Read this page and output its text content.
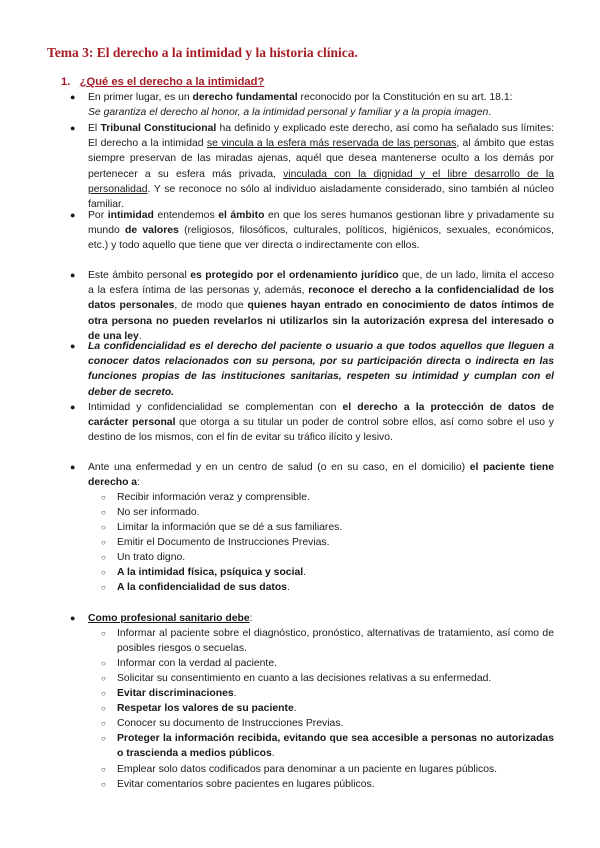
Tema 3: El derecho a la intimidad y la historia clínica.
1. ¿Qué es el derecho a la intimidad?
● En primer lugar, es un derecho fundamental reconocido por la Constitución en su art. 18.1:
Se garantiza el derecho al honor, a la intimidad personal y familiar y a la propia imagen.
● El Tribunal Constitucional ha definido y explicado este derecho, así como ha señalado sus límites: El derecho a la intimidad se vincula a la esfera más reservada de las personas, al ámbito que estas siempre preservan de las miradas ajenas, aquél que desea mantenerse oculto a los demás por pertenecer a su esfera más privada, vinculada con la dignidad y el libre desarrollo de la personalidad. Y se reconoce no sólo al individuo aisladamente considerado, sino también al núcleo familiar.
● Por intimidad entendemos el ámbito en que los seres humanos gestionan libre y privadamente su mundo de valores (religiosos, filosóficos, culturales, políticos, higiénicos, sexuales, económicos, etc.) y todo aquello que tiene que ver directa o indirectamente con ellos.
● Este ámbito personal es protegido por el ordenamiento jurídico que, de un lado, limita el acceso a la esfera íntima de las personas y, además, reconoce el derecho a la confidencialidad de los datos personales, de modo que quienes hayan entrado en conocimiento de datos íntimos de otra persona no pueden revelarlos ni utilizarlos sin la autorización expresa del interesado o de una ley.
● La confidencialidad es el derecho del paciente o usuario a que todos aquellos que lleguen a conocer datos relacionados con su persona, por su participación directa o indirecta en las funciones propias de las instituciones sanitarias, respeten su intimidad y cumplan con el deber de secreto.
● Intimidad y confidencialidad se complementan con el derecho a la protección de datos de carácter personal que otorga a su titular un poder de control sobre ellos, así como sobre el uso y destino de los mismos, con el fin de evitar su tráfico ilícito y lesivo.
● Ante una enfermedad y en un centro de salud (o en su caso, en el domicilio) el paciente tiene derecho a:
○ Recibir información veraz y comprensible.
○ No ser informado.
○ Limitar la información que se dé a sus familiares.
○ Emitir el Documento de Instrucciones Previas.
○ Un trato digno.
○ A la intimidad física, psíquica y social.
○ A la confidencialidad de sus datos.
● Como profesional sanitario debe:
○ Informar al paciente sobre el diagnóstico, pronóstico, alternativas de tratamiento, así como de posibles riesgos o secuelas.
○ Informar con la verdad al paciente.
○ Solicitar su consentimiento en cuanto a las decisiones relativas a su enfermedad.
○ Evitar discriminaciones.
○ Respetar los valores de su paciente.
○ Conocer su documento de Instrucciones Previas.
○ Proteger la información recibida, evitando que sea accesible a personas no autorizadas o trascienda a medios públicos.
○ Emplear solo datos codificados para denominar a un paciente en lugares públicos.
○ Evitar comentarios sobre pacientes en lugares públicos.
